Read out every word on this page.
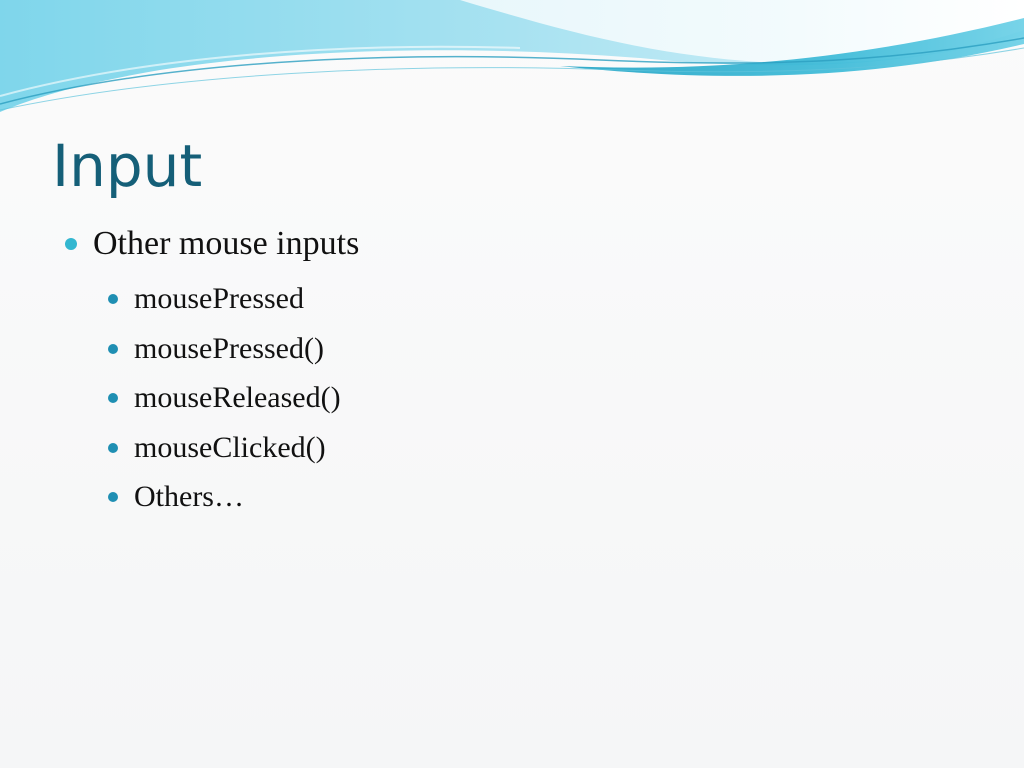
Input
Other mouse inputs
mousePressed
mousePressed()
mouseReleased()
mouseClicked()
Others…
